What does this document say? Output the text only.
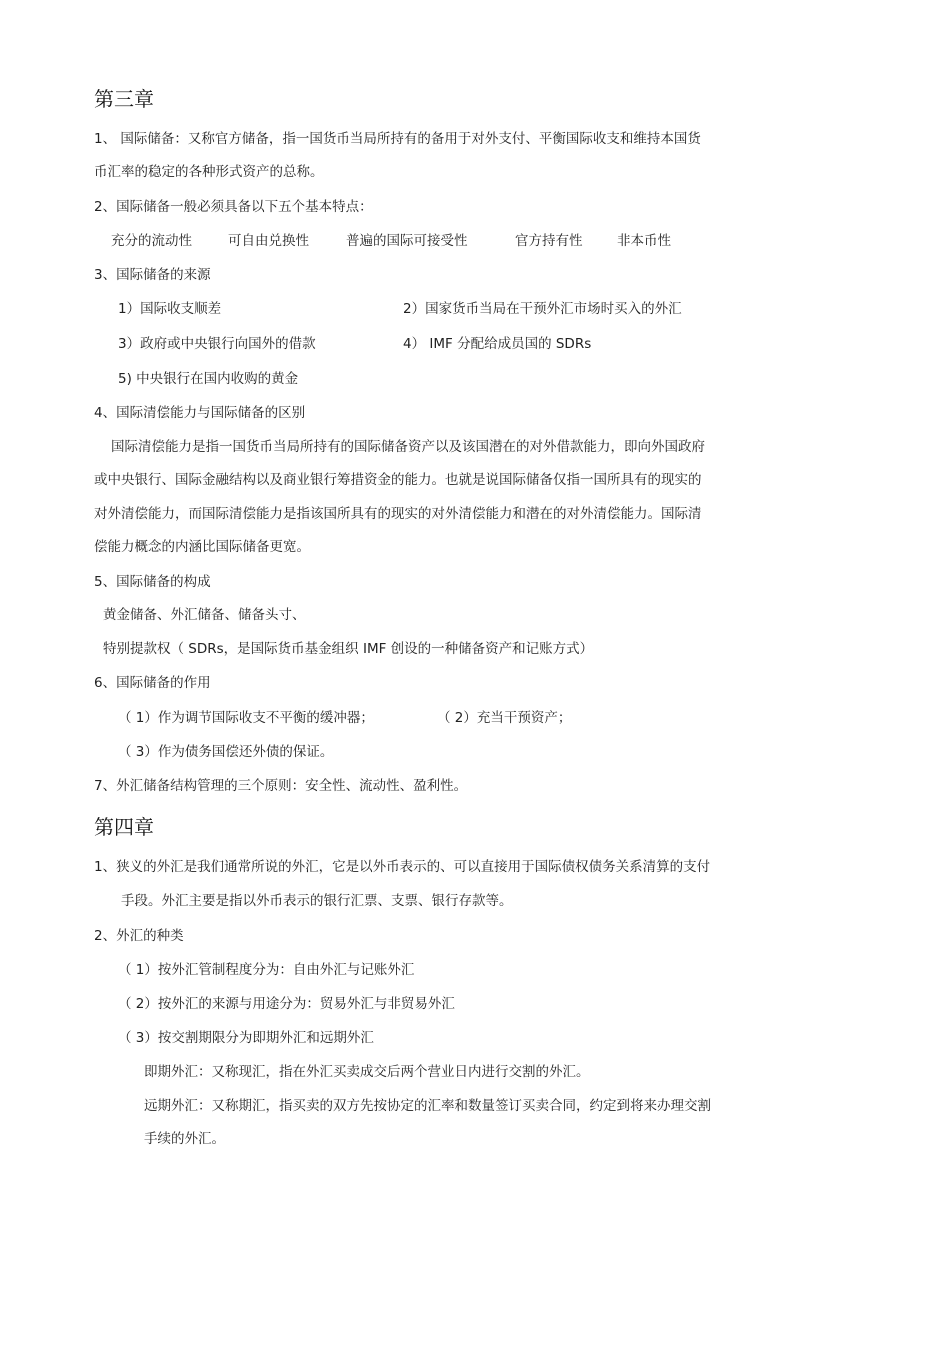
第三章
1、 国际储备：又称官方储备，指一国货币当局所持有的备用于对外支付、平衡国际收支和维持本国货
币汇率的稳定的各种形式资产的总称。
2、国际储备一般必须具备以下五个基本特点：
充分的流动性	可自由兑换性	普遍的国际可接受性	官方持有性	非本币性
3、国际储备的来源
1）国际收支顺差	2）国家货币当局在干预外汇市场时买入的外汇
3）政府或中央银行向国外的借款	4） IMF 分配给成员国的 SDRs
5) 中央银行在国内收购的黄金
4、国际清偿能力与国际储备的区别
国际清偿能力是指一国货币当局所持有的国际储备资产以及该国潜在的对外借款能力，即向外国政府
或中央银行、国际金融结构以及商业银行筹措资金的能力。也就是说国际储备仅指一国所具有的现实的
对外清偿能力，而国际清偿能力是指该国所具有的现实的对外清偿能力和潜在的对外清偿能力。国际清
偿能力概念的内涵比国际储备更宽。
5、国际储备的构成
黄金储备、外汇储备、储备头寸、
特别提款权（ SDRs，是国际货币基金组织 IMF 创设的一种储备资产和记账方式）
6、国际储备的作用
（ 1）作为调节国际收支不平衡的缓冲器；	（ 2）充当干预资产；
（ 3）作为债务国偿还外债的保证。
7、外汇储备结构管理的三个原则：安全性、流动性、盈利性。
第四章
1、狭义的外汇是我们通常所说的外汇，它是以外币表示的、可以直接用于国际债权债务关系清算的支付
手段。外汇主要是指以外币表示的银行汇票、支票、银行存款等。
2、外汇的种类
（ 1）按外汇管制程度分为：自由外汇与记账外汇
（ 2）按外汇的来源与用途分为：贸易外汇与非贸易外汇
（ 3）按交割期限分为即期外汇和远期外汇
即期外汇：又称现汇，指在外汇买卖成交后两个营业日内进行交割的外汇。
远期外汇：又称期汇，指买卖的双方先按协定的汇率和数量签订买卖合同，约定到将来办理交割
手续的外汇。
